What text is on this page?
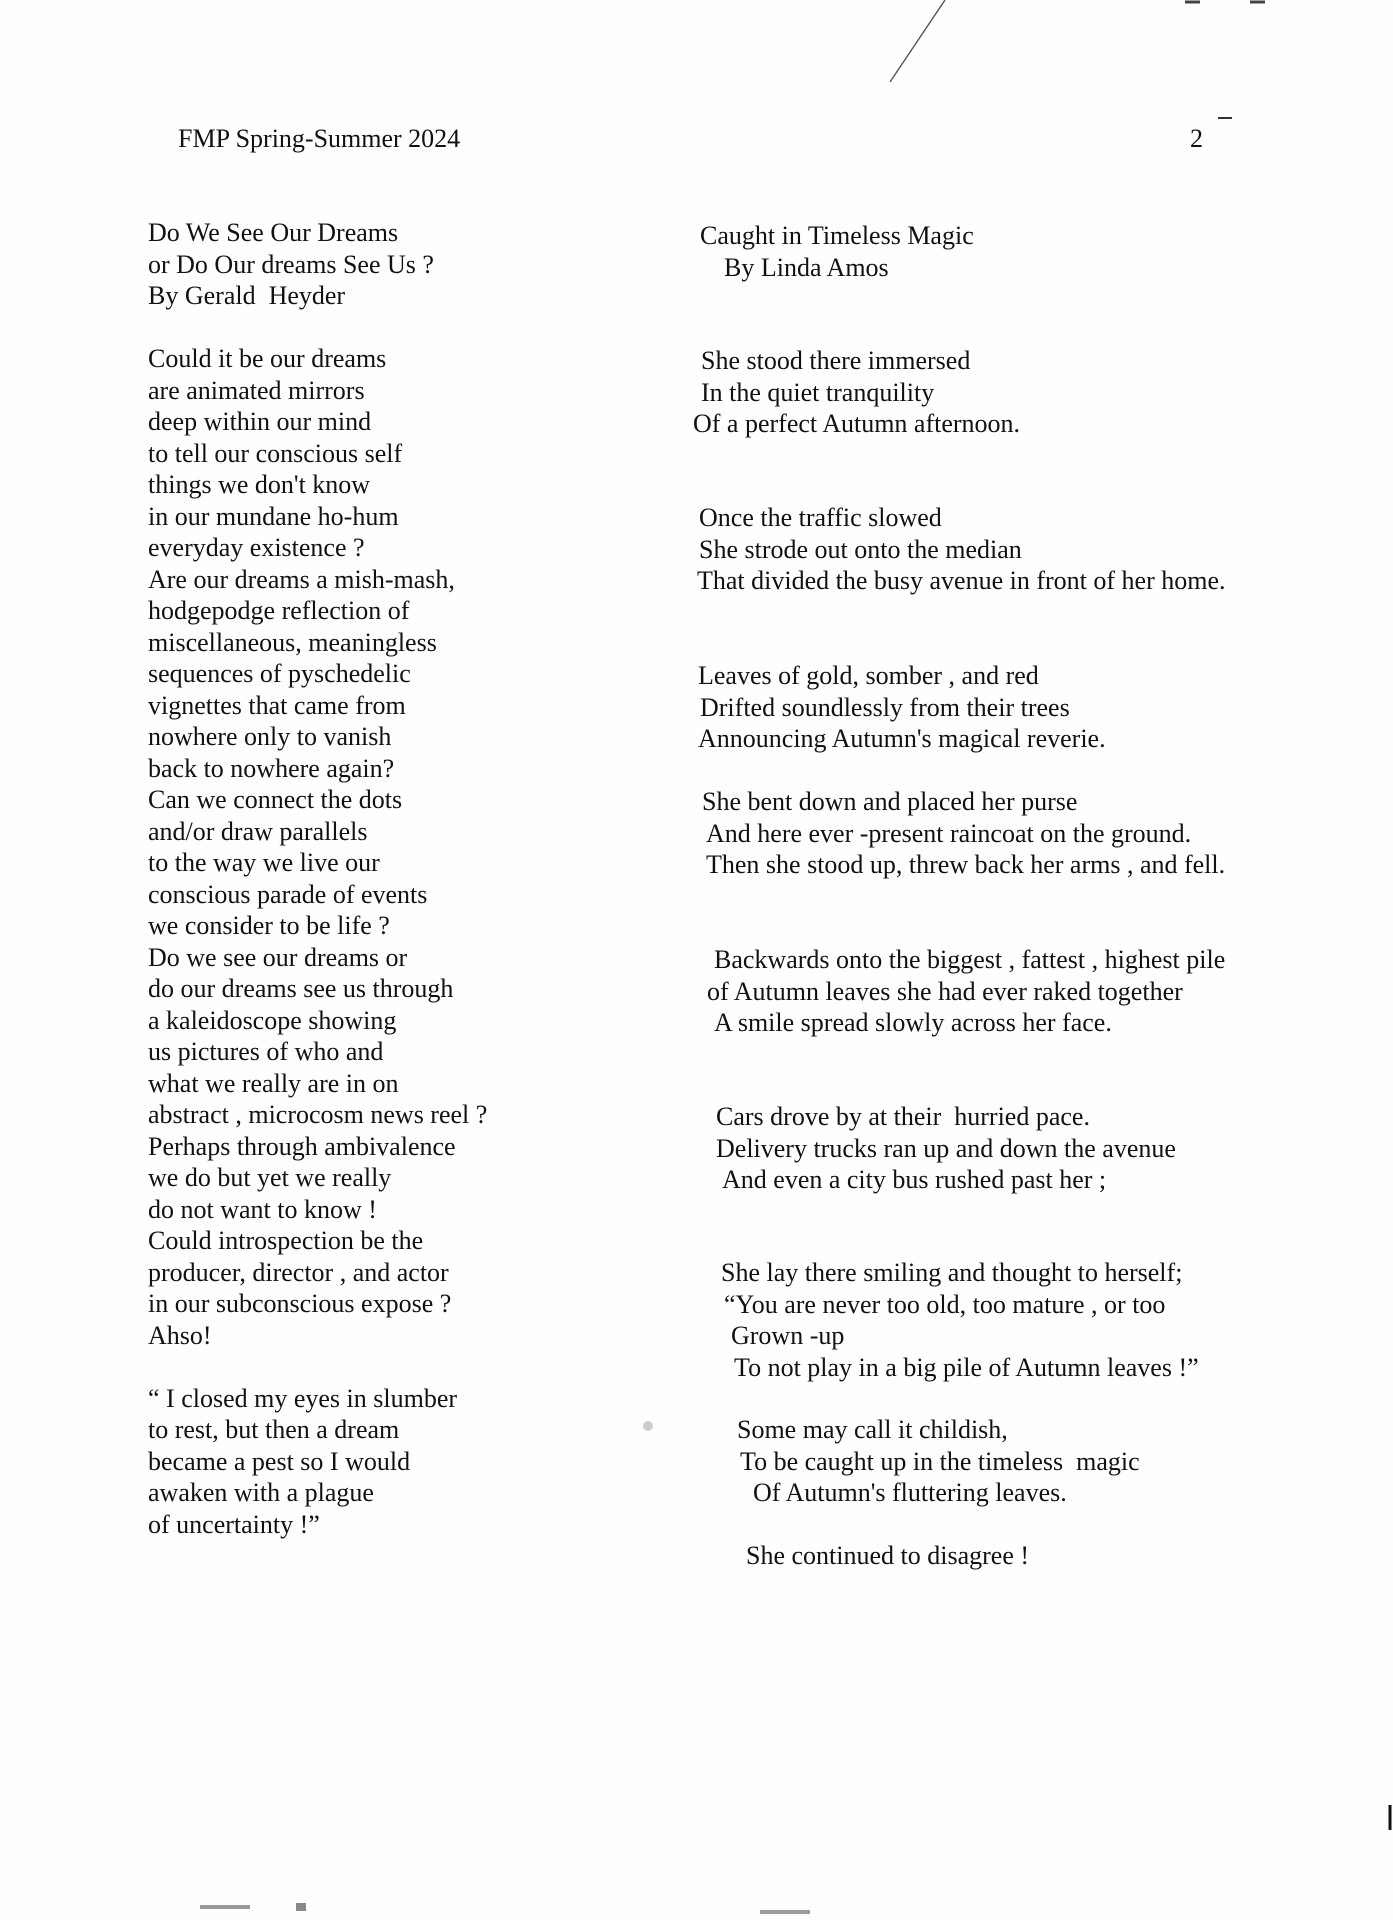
FMP Spring-Summer 2024	2
Do We See Our Dreams
or Do Our dreams See Us ?
By Gerald  Heyder
Could it be our dreams
are animated mirrors
deep within our mind
to tell our conscious self
things we don't know
in our mundane ho-hum
everyday existence ?
Are our dreams a mish-mash,
hodgepodge reflection of
miscellaneous, meaningless
sequences of pyschedelic
vignettes that came from
nowhere only to vanish
back to nowhere again?
Can we connect the dots
and/or draw parallels
to the way we live our
conscious parade of events
we consider to be life ?
Do we see our dreams or
do our dreams see us through
a kaleidoscope showing
us pictures of who and
what we really are in on
abstract , microcosm news reel ?
Perhaps through ambivalence
we do but yet we really
do not want to know !
Could introspection be the
producer, director , and actor
in our subconscious expose ?
Ahso!
“ I closed my eyes in slumber
to rest, but then a dream
became a pest so I would
awaken with a plague
of uncertainty !”
Caught in Timeless Magic
By Linda Amos
She stood there immersed
In the quiet tranquility
Of a perfect Autumn afternoon.
Once the traffic slowed
She strode out onto the median
That divided the busy avenue in front of her home.
Leaves of gold, somber , and red
Drifted soundlessly from their trees
Announcing Autumn's magical reverie.
She bent down and placed her purse
And here ever -present raincoat on the ground.
Then she stood up, threw back her arms , and fell.
Backwards onto the biggest , fattest , highest pile
of Autumn leaves she had ever raked together
A smile spread slowly across her face.
Cars drove by at their  hurried pace.
Delivery trucks ran up and down the avenue
And even a city bus rushed past her ;
She lay there smiling and thought to herself;
“You are never too old, too mature , or too
Grown -up
To not play in a big pile of Autumn leaves !”
Some may call it childish,
To be caught up in the timeless  magic
Of Autumn's fluttering leaves.
She continued to disagree !
